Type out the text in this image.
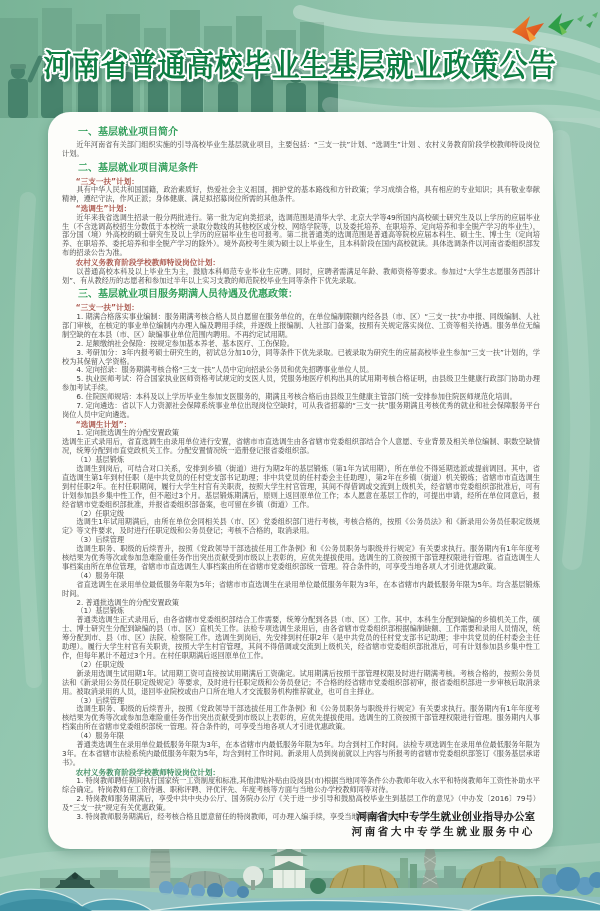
河南省普通高校毕业生基层就业政策公告
一、基层就业项目简介
近年河南省有关部门组织实施的引导高校毕业生基层就业项目，主要包括：“三支一扶”计划、“选调生”计划 、农村义务教育阶段学校教师特设岗位计划。
二、基层就业项目满足条件
“三支一扶”计划：
具有中华人民共和国国籍，政治素质好，热爱社会主义祖国，拥护党的基本路线和方针政策；学习成绩合格，具有相应的专业知识；具有敬业奉献精神，遵纪守法，作风正派；身体健康、满足拟招募岗位所需的其他条件。
“选调生”计划：
近年来我省选调生招录一般分两批进行。第一批为定向类招录，选调范围是清华大学、北京大学等49所国内高校硕士研究生及以上学历的应届毕业生（不含选调高校招生分数低于本校统一录取分数线的其他校区或分校、网络学院等，以及委托培养、在职培养、定向培养和非全脱产学习的毕业生），部分国（境）外高校的硕士研究生及以上学历的应届毕业生也可报考。第二批普通类的选调范围是普通高等院校应届本科生、硕士生、博士生（定向培养、在职培养、委托培养和非全脱产学习的除外）。境外高校考生须为硕士以上毕业生，且本科阶段在国内高校就读。具体选调条件以河南省委组织部发布的招录公告为准。
农村义务教育阶段学校教师特设岗位计划：
以普通高校本科及以上毕业生为主，鼓励本科师范专业毕业生应聘。同时，应聘者需满足年龄、教师资格等要求。参加过“大学生志愿服务西部计划”、有从教经历的志愿者和参加过半年以上实习支教的师范院校毕业生同等条件下优先录取。
三、基层就业项目服务期满人员待遇及优惠政策：
“三支一扶”计划：
1. 期满合格落实事业编制：服务期满考核合格人员自愿留在服务单位的，在单位编制限额内经各县（市、区）“三支一扶”办申报、同级编制、人社部门审核，在核定的事业单位编制内办理入编及聘用手续，并逐级上报编制、人社部门备案，按照有关规定落实岗位、工资等相关待遇。服务单位无编制空缺的在本县（市、区）缺编事业单位范围内聘用。不再约定试用期。
2. 足额缴纳社会保险：按规定参加基本养老、基本医疗、工伤保险。
3. 考研加分：3年内报考硕士研究生的，初试总分加10分，同等条件下优先录取。已被录取为研究生的应届高校毕业生参加“三支一扶”计划的，学校为其保留入学资格。
4. 定向招录：服务期满考核合格“三支一扶”人员中定向招录公务员和优先招聘事业单位人员。
5. 执业医师考试：符合国家执业医师资格考试规定的支医人员，凭服务地医疗机构出具的试用期考核合格证明，由县级卫生健康行政部门协助办理参加考试手续。
6. 住院医师规培：本科及以上学历毕业生参加支医服务的，期满且考核合格后由县级卫生健康主管部门统一安排参加住院医师规范化培训。
7. 定向遴选：省以下人力资源社会保障系统事业单位出现岗位空缺时，可从我省招募的“三支一扶”服务期满且考核优秀的就业和社会保障服务平台岗位人员中定向遴选。
“选调生计划”：
1. 定向批选调生的分配安置政策
选调生正式录用后，省直选调生由录用单位进行安置，省辖市市直选调生由各省辖市党委组织部结合个人意愿、专业背景及相关单位编制、职数空缺情况，统筹分配到市直党政机关工作。分配安置情况统一造册登记报省委组织部。
（1）基层锻炼
选调生到岗后，可结合对口关系，安排到乡镇（街道）进行为期2年的基层锻炼（第1年为试用期），所在单位不得延期选派或提前调回。其中，省直选调生第1年到村任职（是中共党员的任村党支部书记助理；非中共党员的任村委会主任助理），第2年在乡镇（街道）机关锻炼；省辖市市直选调生到村任职2年。在村任职期间，履行大学生村官有关职责，按照大学生村官管理，其间不得借调或交流到上级机关，经省辖市党委组织部批准后，可有计划参加县乡集中性工作，但不超过3个月。基层锻炼期满后，原则上返回原单位工作；本人愿意在基层工作的，可提出申请，经所在单位同意后，报经省辖市党委组织部批准，并报省委组织部备案，也可留在乡镇（街道）工作。
（2）任职定级
选调生1年试用期满后，由所在单位会同相关县（市、区）党委组织部门进行考核，考核合格的，按照《公务员法》和《新录用公务员任职定级规定》等文件要求，及时进行任职定级和公务员登记；考核不合格的，取消录用。
（3）后续管理
选调生职务、职级的后续晋升，按照《党政领导干部选拔任用工作条例》和《公务员职务与职级并行规定》有关要求执行。服务期内有1年年度考核结果为优秀等次或参加急难险重任务作出突出贡献受到市级以上表彰的，应优先提拔使用。选调生的工资按照干部管理权限进行管理。省直选调生人事档案由所在单位管理，省辖市市直选调生人事档案由所在省辖市党委组织部统一管理。符合条件的，可享受当地各项人才引进优惠政策。
（4）服务年限
省直选调生在录用单位最低服务年限为5年；省辖市市直选调生在录用单位最低服务年限为3年，在本省辖市内最低服务年限为5年。均含基层锻炼时间。
2. 普通批选调生的分配安置政策
（1）基层锻炼
普通类选调生正式录用后，由各省辖市党委组织部结合工作需要，统筹分配到各县（市、区）工作。其中，本科生分配到缺编的乡镇机关工作，硕士、博士研究生分配到缺编的县（市、区）直机关工作。法检专项选调生录用后，由各省辖市党委组织部根据编制缺额、工作需要和录用人员情况，统筹分配到市、县（市、区）法院、检察院工作。选调生到岗后，先安排到村任职2年（是中共党员的任村党支部书记助理；非中共党员的任村委会主任助理）。履行大学生村官有关职责，按照大学生村官管理，其间不得借调或交流到上级机关，经省辖市党委组织部批准后，可有计划参加县乡集中性工作，但每年累计不超过3个月。在村任职期满后返回原单位工作。
（2）任职定级
新录用选调生试用期1年。试用期工资可直接按试用期满后工资确定。试用期满后按照干部管理权限及时进行期满考核。考核合格的，按照公务员法和《新录用公务员任职定级规定》等要求，及时进行任职定级和公务员登记；不合格的经省辖市党委组织部初审，报省委组织部进一步审核后取消录用。被取消录用的人员，退回毕业院校或由户口所在地人才交流服务机构推荐就业，也可自主择业。
（3）后续管理
选调生职务、职级的后续晋升，按照《党政领导干部选拔任用工作条例》和《公务员职务与职级并行规定》有关要求执行。服务期内有1年年度考核结果为优秀等次或参加急难险重任务作出突出贡献受到市级以上表彰的，应优先提拔使用。选调生的工资按照干部管理权限进行管理。服务期内人事档案由所在省辖市党委组织部统一管理。符合条件的，可享受当地各项人才引进优惠政策。
（4）服务年限
普通类选调生在录用单位最低服务年限为3年，在本省辖市内最低服务年限为5年。均含到村工作时间。法检专项选调生在录用单位最低服务年限为3年。在本省辖市法检系统内最低服务年限为5年，均含到村工作时间。新录用人员到岗前就以上内容与所报考的省辖市党委组织部签订《服务基层承诺书》。
农村义务教育阶段学校教师特设岗位计划：
1. 特岗教师聘任期间执行国家统一工资制度和标准,其他津贴补贴由设岗县(市)根据当地同等条件公办教师年收入水平和特岗教师年工资性补助水平综合确定。特岗教师在工资待遇、职称评聘、评优评先、年度考核等方面与当地公办学校教师同等对待。
2. 特岗教师服务期满后，享受中共中央办公厅、国务院办公厅《关于进一步引导和鼓励高校毕业生到基层工作的意见》（中办发〔2016〕79号）及“三支一扶”规定有关优惠政策。
3. 特岗教师服务期满后，经考核合格且愿意留任的特岗教师，可办理入编手续，享受当地教师同等待遇。
河南省大中专学生就业创业指导办公室
河南省大中专学生就业服务中心
